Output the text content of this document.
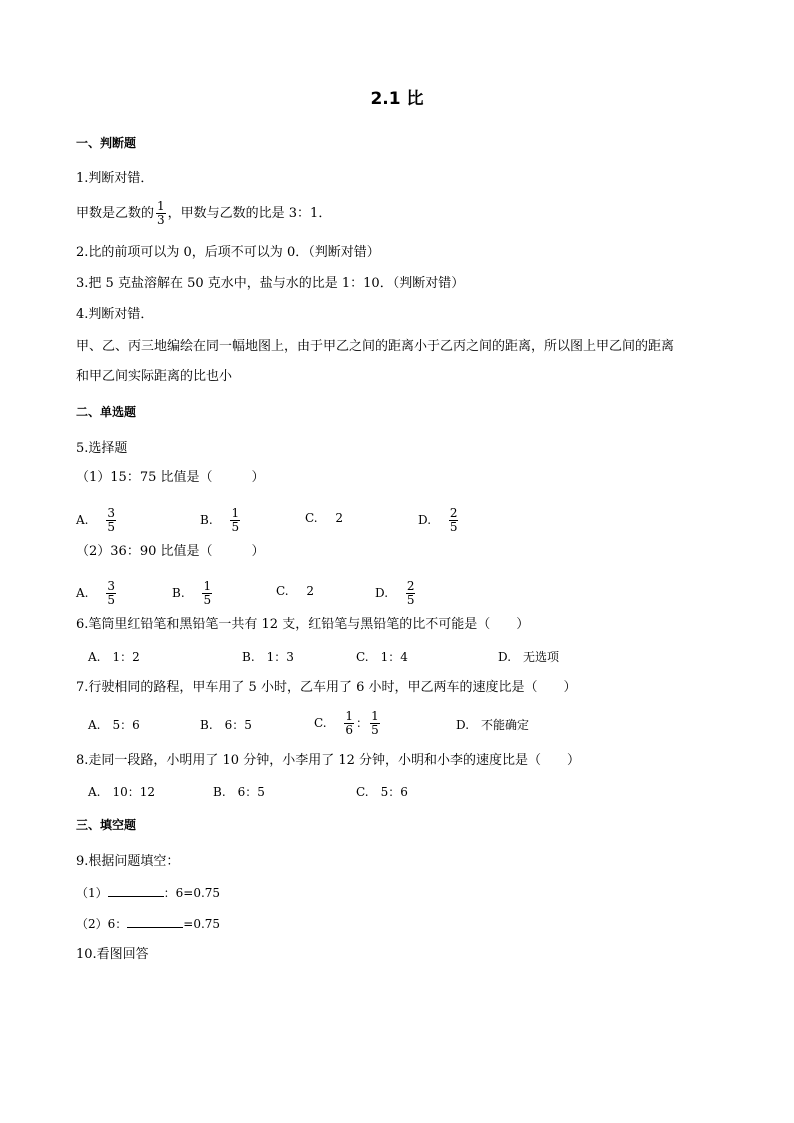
2.1 比
一、判断题
1.判断对错．
甲数是乙数的 $\frac{1}{3}$ ，甲数与乙数的比是 3：1．
2.比的前项可以为 0，后项不可以为 0．（判断对错）
3.把 5 克盐溶解在 50 克水中，盐与水的比是 1：10．（判断对错）
4.判断对错．
甲、乙、丙三地编绘在同一幅地图上，由于甲乙之间的距离小于乙丙之间的距离，所以图上甲乙间的距离
和甲乙间实际距离的比也小
二、单选题
5.选择题
（1）15：75 比值是（　　　）
A. $\frac{3}{5}$	B. $\frac{1}{5}$	C. 2	D. $\frac{2}{5}$
（2）36：90 比值是（　　　）
A. $\frac{3}{5}$	B. $\frac{1}{5}$	C. 2	D. $\frac{2}{5}$
6.笔筒里红铅笔和黑铅笔一共有 12 支，红铅笔与黑铅笔的比不可能是（　　）
A.　1：2	B.　1：3	C.　1：4	D.　无选项
7.行驶相同的路程，甲车用了 5 小时，乙车用了 6 小时，甲乙两车的速度比是（　　）
A.　5：6	B.　6：5	C. $\frac{1}{6}$ ： $\frac{1}{5}$	D.　不能确定
8.走同一段路，小明用了 10 分钟，小李用了 12 分钟，小明和小李的速度比是（　　）
A.　10：12	B.　6：5	C.　5：6
三、填空题
9.根据问题填空：
（1）	：6=0.75
（2）6：	=0.75
10.看图回答
